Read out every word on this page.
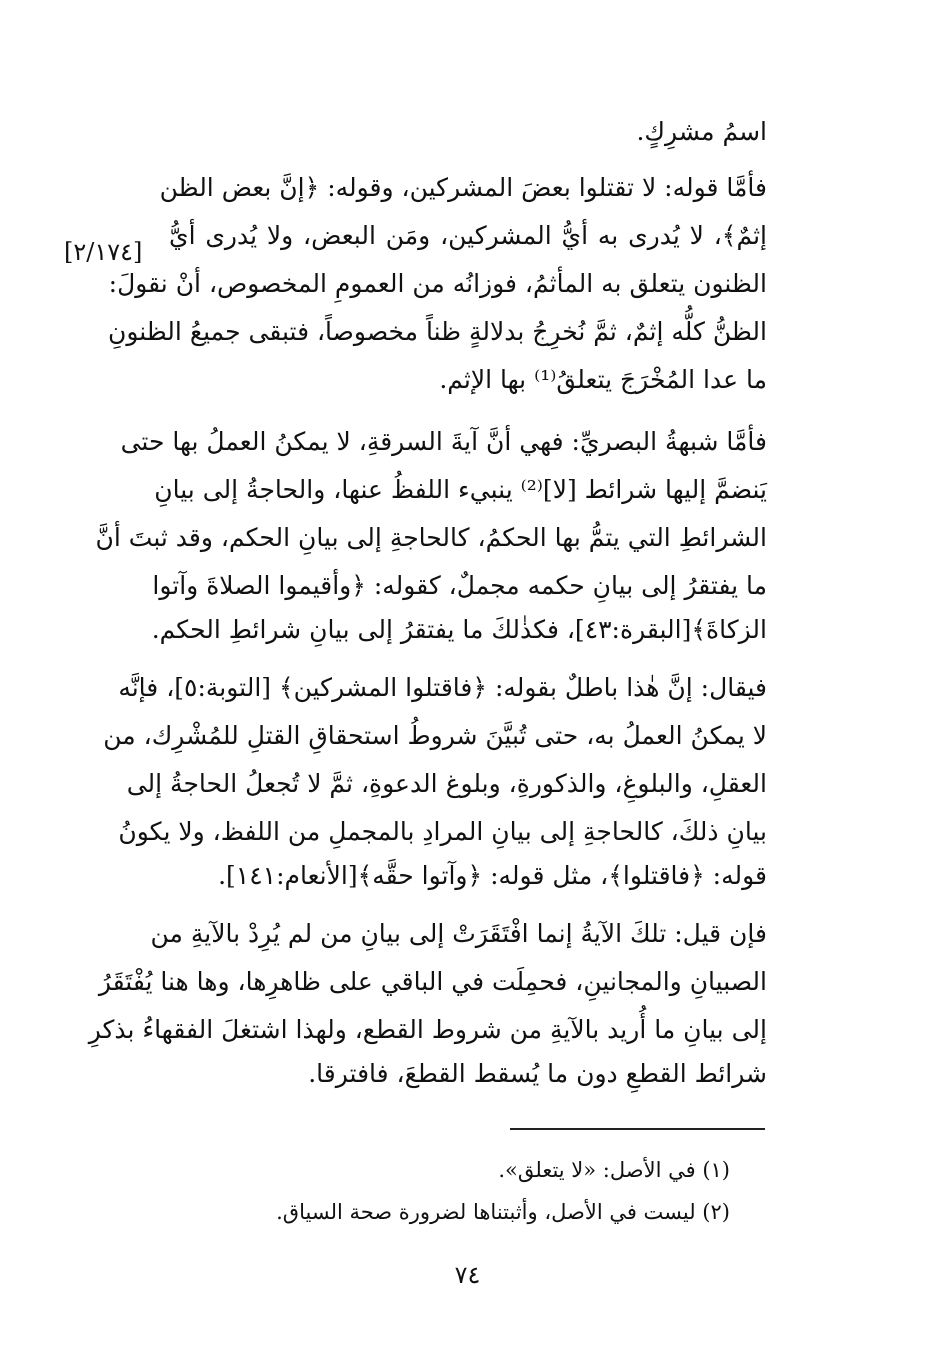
[۲/۱۷٤]
اسمُ مشرِكٍ.
فأمَّا قوله: لا تقتلوا بعضَ المشركين، وقوله: ﴿إنَّ بعض الظن
إثمٌ﴾، لا يُدرى به أيُّ المشركين، ومَن البعض، ولا يُدرى أيُّ
الظنون يتعلق به المأثمُ، فوزانُه من العمومِ المخصوص، أنْ نقولَ:
الظنُّ كلُّه إثمٌ، ثمَّ نُخرِجُ بدلالةٍ ظناً مخصوصاً، فتبقى جميعُ الظنونِ
ما عدا المُخْرَجَ يتعلقُ⁽¹⁾ بها الإثم.
فأمَّا شبهةُ البصريِّ: فهي أنَّ آيةَ السرقةِ، لا يمكنُ العملُ بها حتى
يَنضمَّ إليها شرائط [لا]⁽²⁾ ينبيء اللفظُ عنها، والحاجةُ إلى بيانِ
الشرائطِ التي يتمُّ بها الحكمُ، كالحاجةِ إلى بيانِ الحكم، وقد ثبتَ أنَّ
ما يفتقرُ إلى بيانِ حكمه مجملٌ، كقوله: ﴿وأقيموا الصلاةَ وآتوا
الزكاةَ﴾[البقرة:٤٣]، فكذٰلكَ ما يفتقرُ إلى بيانِ شرائطِ الحكم.
فيقال: إنَّ هٰذا باطلٌ بقوله: ﴿فاقتلوا المشركين﴾ [التوبة:٥]، فإنَّه
لا يمكنُ العملُ به، حتى تُبيَّنَ شروطُ استحقاقِ القتلِ للمُشْرِك، من
العقلِ، والبلوغِ، والذكورةِ، وبلوغ الدعوةِ، ثمَّ لا تُجعلُ الحاجةُ إلى
بيانِ ذلكَ، كالحاجةِ إلى بيانِ المرادِ بالمجملِ من اللفظ، ولا يكونُ
قوله: ﴿فاقتلوا﴾، مثل قوله: ﴿وآتوا حقَّه﴾[الأنعام:١٤١].
فإن قيل: تلكَ الآيةُ إنما افْتَقَرَتْ إلى بيانِ من لم يُرِدْ بالآيةِ من
الصبيانِ والمجانينِ، فحمِلَت في الباقي على ظاهرِها، وها هنا يُفْتَقَرُ
إلى بيانِ ما أُريد بالآيةِ من شروط القطع، ولهذا اشتغلَ الفقهاءُ بذكرِ
شرائط القطعِ دون ما يُسقط القطعَ، فافترقا.
(١) في الأصل: «لا يتعلق».
(٢) ليست في الأصل، وأثبتناها لضرورة صحة السياق.
٧٤
